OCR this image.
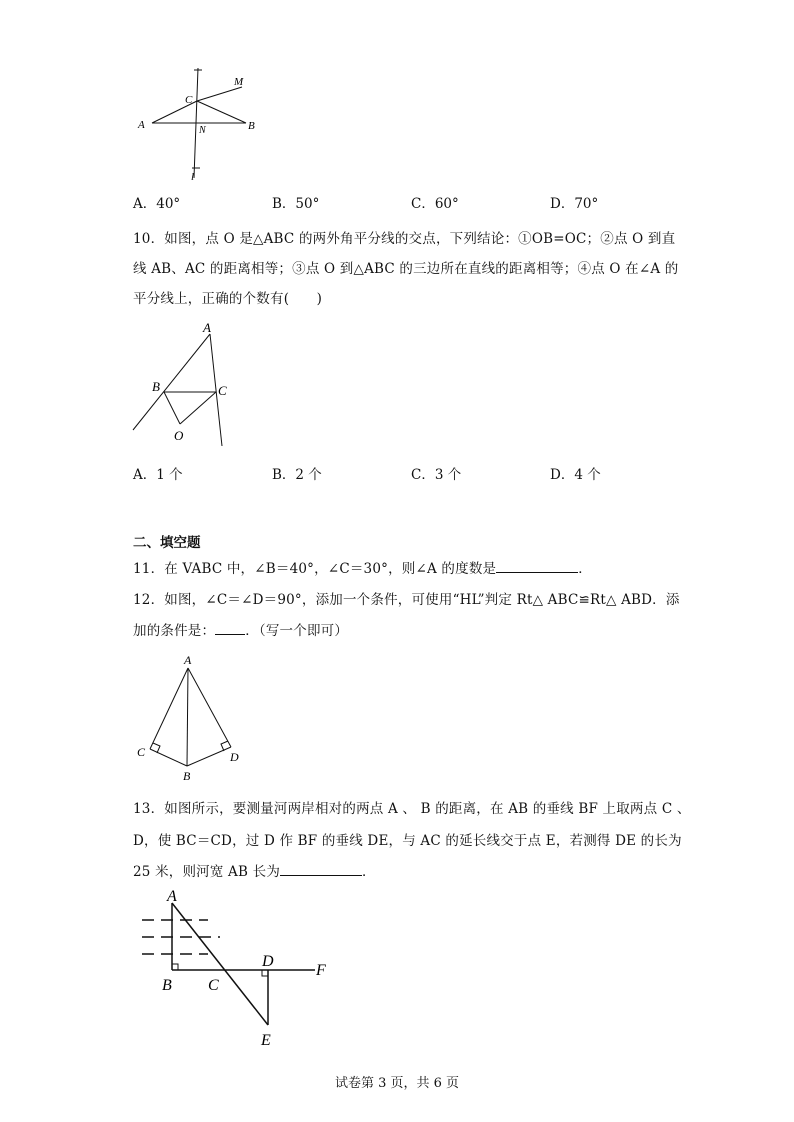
A	B
C
M
N
l
A．40°	B．50°	C．60°	D．70°
10．如图，点 O 是△ABC 的两外角平分线的交点，下列结论：①OB=OC；②点 O 到直
线 AB、AC 的距离相等；③点 O 到△ABC 的三边所在直线的距离相等；④点 O 在∠A 的
平分线上，正确的个数有(　　)
A
B	C
O
A．1 个	B．2 个	C．3 个	D．4 个
二、填空题
11．在 VABC 中，∠B＝40°，∠C＝30°，则∠A 的度数是	．
12．如图，∠C＝∠D＝90°，添加一个条件，可使用“HL”判定 Rt△ ABC≌Rt△ ABD．添
加的条件是： ．（写一个即可）
A
B
C	D
13．如图所示，要测量河两岸相对的两点 A 、 B 的距离，在 AB 的垂线 BF 上取两点 C 、
D，使 BC＝CD，过 D 作 BF 的垂线 DE，与 AC 的延长线交于点 E，若测得 DE 的长为
25 米，则河宽 AB 长为	．
A
B C
D
E
F
试卷第 3 页，共 6 页
